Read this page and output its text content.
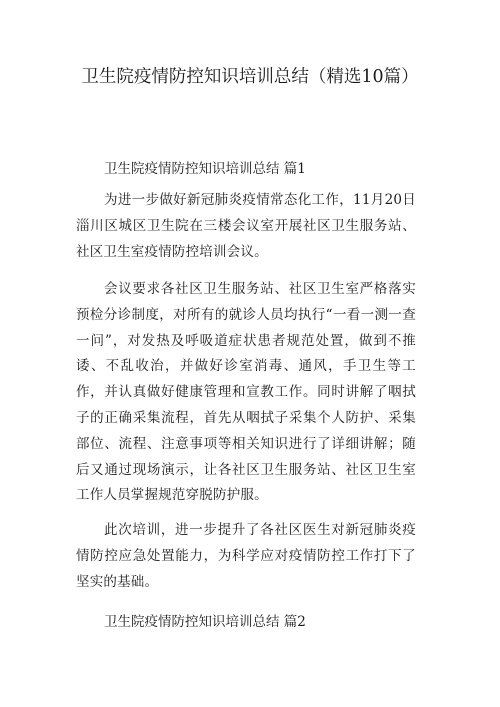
卫生院疫情防控知识培训总结（精选10篇）
卫生院疫情防控知识培训总结 篇1

为进一步做好新冠肺炎疫情常态化工作，11月20日淄川区城区卫生院在三楼会议室开展社区卫生服务站、社区卫生室疫情防控培训会议。

会议要求各社区卫生服务站、社区卫生室严格落实预检分诊制度，对所有的就诊人员均执行“一看一测一查一问”，对发热及呼吸道症状患者规范处置，做到不推诿、不乱收治，并做好诊室消毒、通风，手卫生等工作，并认真做好健康管理和宣教工作。同时讲解了咽拭子的正确采集流程，首先从咽拭子采集个人防护、采集部位、流程、注意事项等相关知识进行了详细讲解；随后又通过现场演示，让各社区卫生服务站、社区卫生室工作人员掌握规范穿脱防护服。

此次培训，进一步提升了各社区医生对新冠肺炎疫情防控应急处置能力，为科学应对疫情防控工作打下了坚实的基础。

卫生院疫情防控知识培训总结 篇2
